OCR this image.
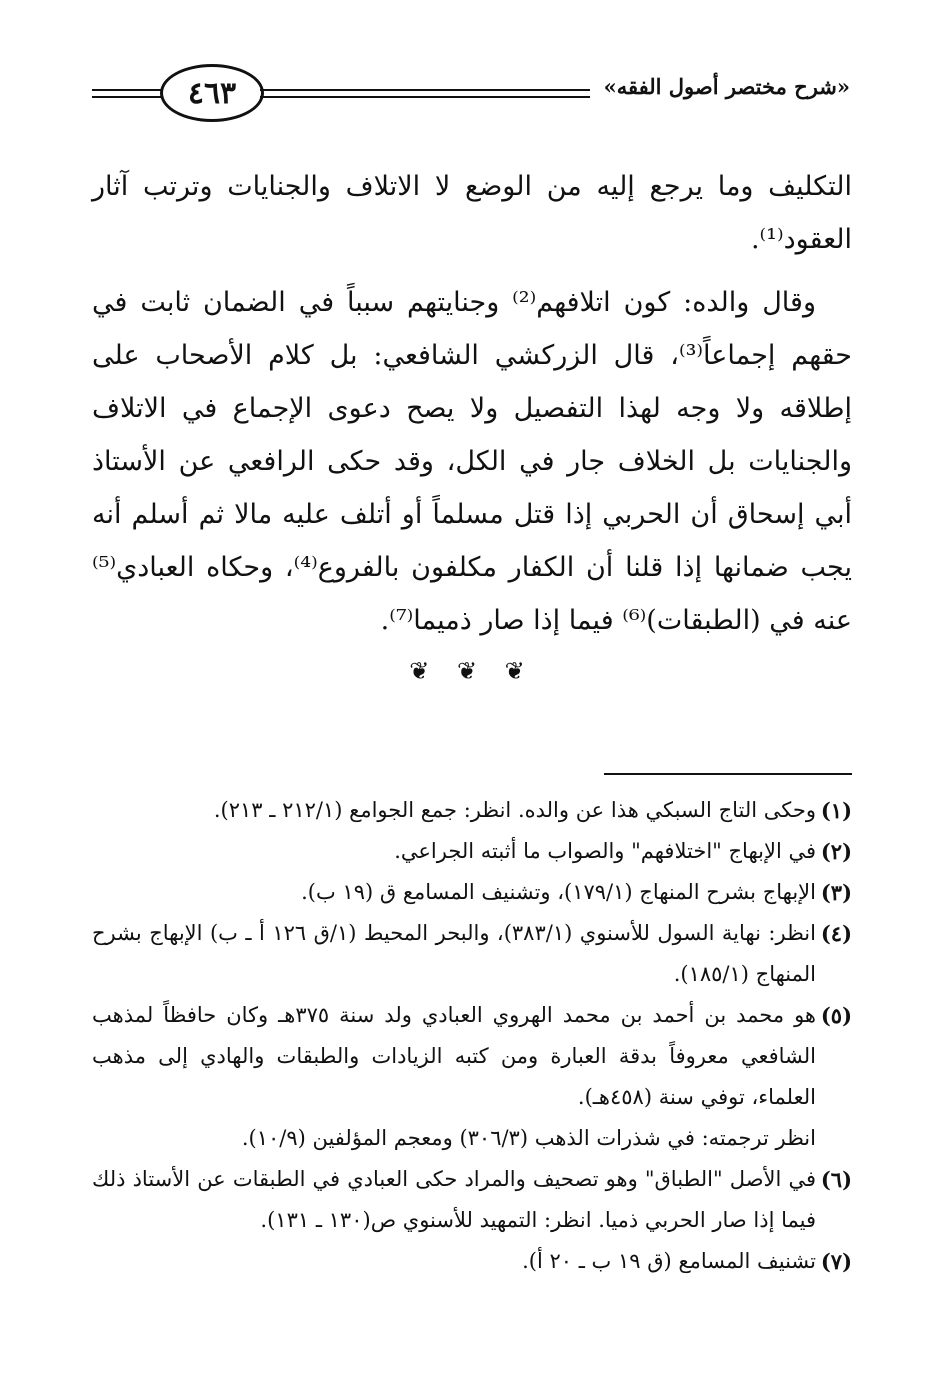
٤٦٣	«شرح مختصر أصول الفقه»

التكليف وما يرجع إليه من الوضع لا الاتلاف والجنايات وترتب آثار العقود⁽¹⁾.

وقال والده: كون اتلافهم⁽²⁾ وجنايتهم سبباً في الضمان ثابت في حقهم إجماعاً⁽³⁾، قال الزركشي الشافعي: بل كلام الأصحاب على إطلاقه ولا وجه لهذا التفصيل ولا يصح دعوى الإجماع في الاتلاف والجنايات بل الخلاف جار في الكل، وقد حكى الرافعي عن الأستاذ أبي إسحاق أن الحربي إذا قتل مسلماً أو أتلف عليه مالا ثم أسلم أنه يجب ضمانها إذا قلنا أن الكفار مكلفون بالفروع⁽⁴⁾، وحكاه العبادي⁽⁵⁾ عنه في (الطبقات)⁽⁶⁾ فيما إذا صار ذميما⁽⁷⁾.

❦ ❦ ❦
(١)
وحكى التاج السبكي هذا عن والده. انظر: جمع الجوامع (٢١٢/١ ـ ٢١٣).
(٢)
في الإبهاج "اختلافهم" والصواب ما أثبته الجراعي.
(٣)
الإبهاج بشرح المنهاج (١٧٩/١)، وتشنيف المسامع ق (١٩ ب).
(٤)
انظر: نهاية السول للأسنوي (٣٨٣/١)، والبحر المحيط (١/ق ١٢٦ أ ـ ب) الإبهاج بشرح المنهاج (١٨٥/١).
(٥)
هو محمد بن أحمد بن محمد الهروي العبادي ولد سنة ٣٧٥هـ وكان حافظاً لمذهب الشافعي معروفاً بدقة العبارة ومن كتبه الزيادات والطبقات والهادي إلى مذهب العلماء، توفي سنة (٤٥٨هـ).
انظر ترجمته: في شذرات الذهب (٣٠٦/٣) ومعجم المؤلفين (١٠/٩).
(٦)
في الأصل "الطباق" وهو تصحيف والمراد حكى العبادي في الطبقات عن الأستاذ ذلك فيما إذا صار الحربي ذميا. انظر: التمهيد للأسنوي ص(١٣٠ ـ ١٣١).
(٧)
تشنيف المسامع (ق ١٩ ب ـ ٢٠ أ).
